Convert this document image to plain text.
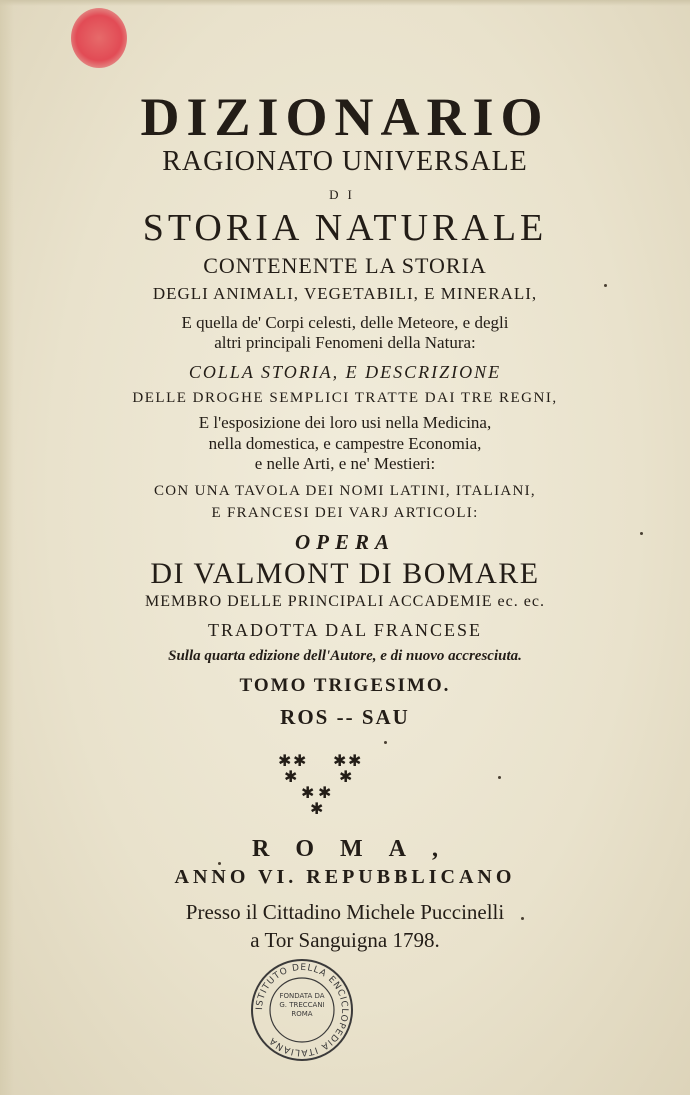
DIZIONARIO
RAGIONATO UNIVERSALE
DI
STORIA NATURALE
CONTENENTE LA STORIA
DEGLI ANIMALI, VEGETABILI, E MINERALI,
E quella de' Corpi celesti, delle Meteore, e degli
altri principali Fenomeni della Natura:
COLLA STORIA, E DESCRIZIONE
DELLE DROGHE SEMPLICI TRATTE DAI TRE REGNI,
E l'esposizione dei loro usi nella Medicina,
nella domestica, e campestre Economia,
e nelle Arti, e ne' Mestieri:
CON UNA TAVOLA DEI NOMI LATINI, ITALIANI,
E FRANCESI DEI VARJ ARTICOLI:
OPERA
DI VALMONT DI BOMARE
MEMBRO DELLE PRINCIPALI ACCADEMIE ec. ec.
TRADOTTA DAL FRANCESE
Sulla quarta edizione dell'Autore, e di nuovo accresciuta.
TOMO TRIGESIMO.
ROS -- SAU
✱ ✱ ✱ ✱
✱	✱
✱ ✱
✱
ROMA,
ANNO VI. REPUBBLICANO
Presso il Cittadino Michele Puccinelli
a Tor Sanguigna 1798.
ISTITUTO DELLA ENCICLOPEDIA ITALIANA
FONDATA DA G. TRECCANI ROMA
